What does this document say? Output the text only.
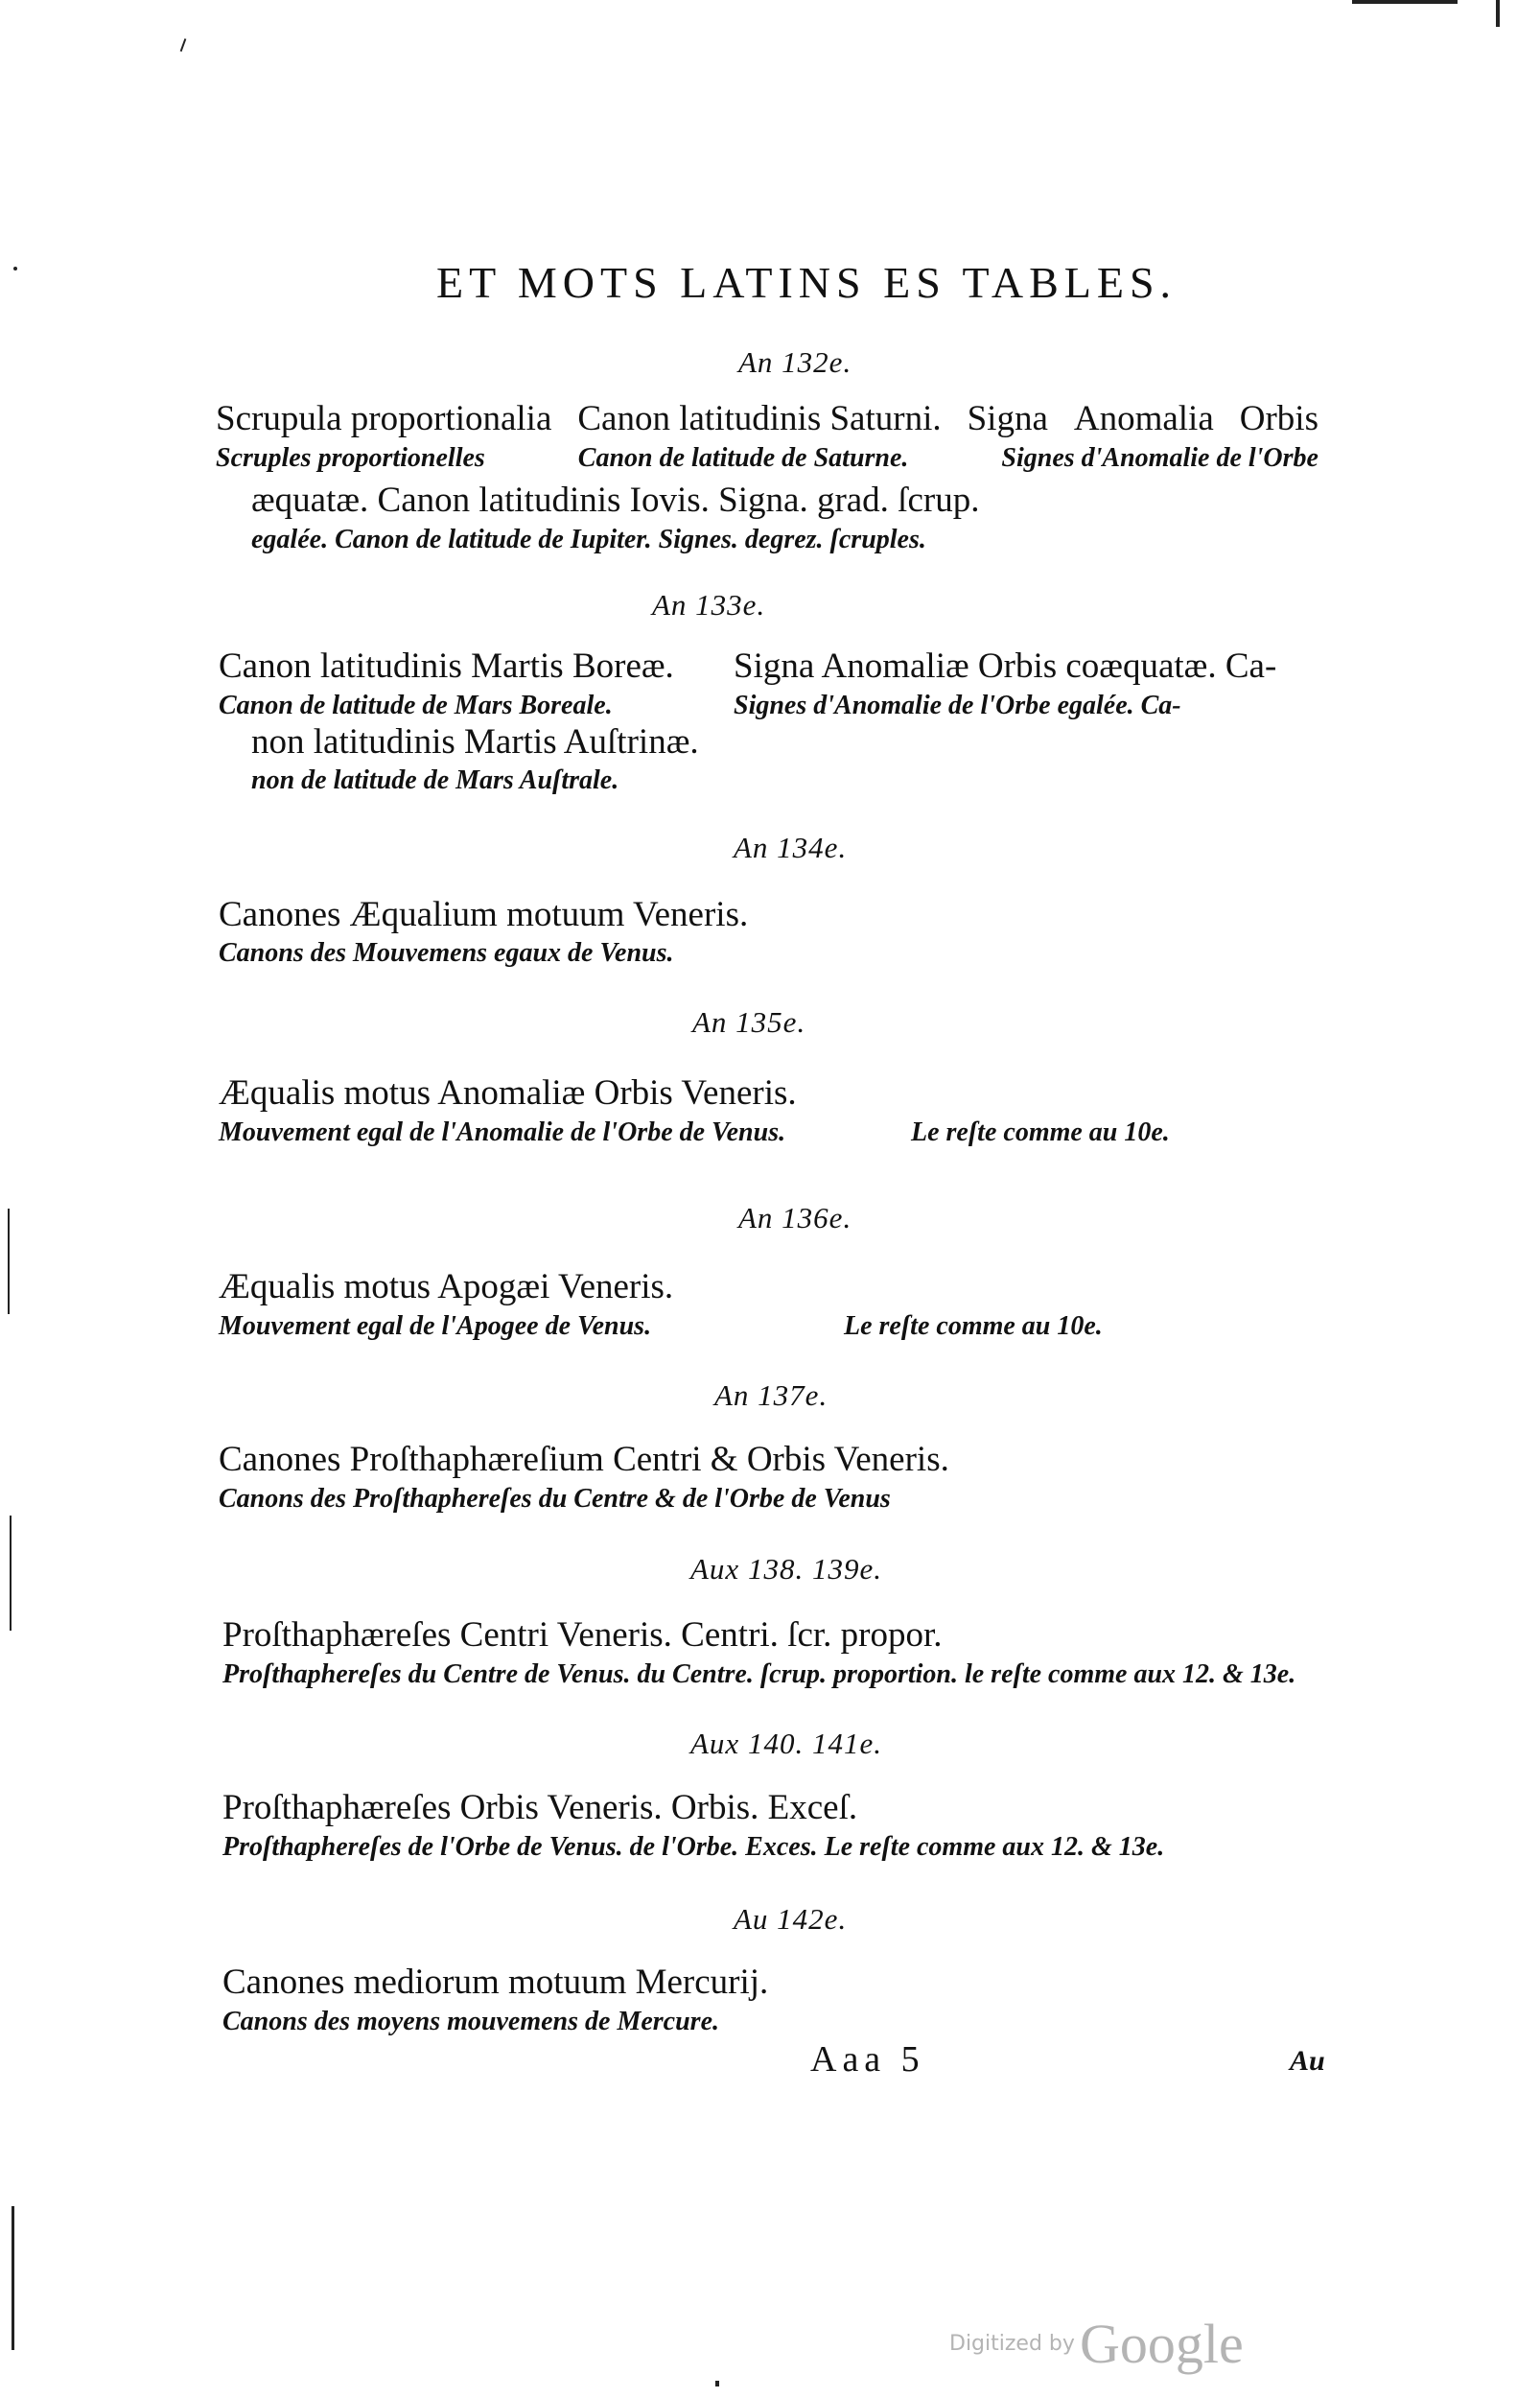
ET MOTS LATINS ES TABLES.
An 132e.
Scrupula proportionalia Canon latitudinis Saturni. Signa Anomalia Orbis
Scruples proportionelles	Canon de latitude de Saturne.	Signes d'Anomalie de l'Orbe
æquatæ. Canon latitudinis Iovis. Signa. grad. ſcrup.
egalée. Canon de latitude de Iupiter. Signes. degrez. ſcruples.
An 133e.
Canon latitudinis Martis Boreæ.
Canon de latitude de Mars Boreale.
non latitudinis Martis Auſtrinæ.
non de latitude de Mars Auſtrale.
Signa Anomaliæ Orbis coæquatæ. Ca-
Signes d'Anomalie de l'Orbe egalée. Ca-
An 134e.
Canones Æqualium motuum Veneris.
Canons des Mouvemens egaux de Venus.
An 135e.
Æqualis motus Anomaliæ Orbis Veneris.
Mouvement egal de l'Anomalie de l'Orbe de Venus.	Le reſte comme au 10e.
An 136e.
Æqualis motus Apogæi Veneris.
Mouvement egal de l'Apogee de Venus.	Le reſte comme au 10e.
An 137e.
Canones Proſthaphæreſium Centri & Orbis Veneris.
Canons des Proſthaphereſes du Centre & de l'Orbe de Venus
Aux 138. 139e.
Proſthaphæreſes Centri Veneris. Centri. ſcr. propor.
Proſthaphereſes du Centre de Venus. du Centre. ſcrup. proportion. le reſte comme aux 12. & 13e.
Aux 140. 141e.
Proſthaphæreſes Orbis Veneris. Orbis. Exceſ.
Proſthaphereſes de l'Orbe de Venus. de l'Orbe. Exces. Le reſte comme aux 12. & 13e.
Au 142e.
Canones mediorum motuum Mercurij.
Canons des moyens mouvemens de Mercure.
Aaa 5	Au
Digitized by Google
